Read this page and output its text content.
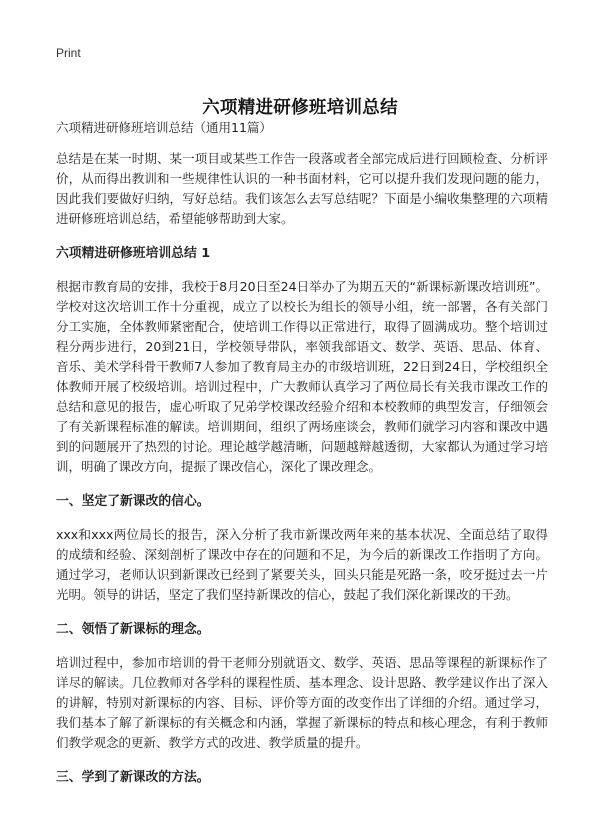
Print
六项精进研修班培训总结

六项精进研修班培训总结（通用11篇）

总结是在某一时期、某一项目或某些工作告一段落或者全部完成后进行回顾检查、分析评价，从而得出教训和一些规律性认识的一种书面材料，它可以提升我们发现问题的能力，因此我们要做好归纳，写好总结。我们该怎么去写总结呢？下面是小编收集整理的六项精进研修班培训总结，希望能够帮助到大家。

六项精进研修班培训总结 1

根据市教育局的安排，我校于8月20日至24日举办了为期五天的“新课标新课改培训班”。学校对这次培训工作十分重视，成立了以校长为组长的领导小组，统一部署，各有关部门分工实施，全体教师紧密配合，使培训工作得以正常进行，取得了圆满成功。整个培训过程分两步进行，20到21日，学校领导带队，率领我部语文、数学、英语、思品、体育、音乐、美术学科骨干教师7人参加了教育局主办的市级培训班，22日到24日，学校组织全体教师开展了校级培训。培训过程中，广大教师认真学习了两位局长有关我市课改工作的总结和意见的报告，虚心听取了兄弟学校课改经验介绍和本校教师的典型发言，仔细领会了有关新课程标准的解读。培训期间，组织了两场座谈会，教师们就学习内容和课改中遇到的问题展开了热烈的讨论。理论越学越清晰，问题越辩越透彻，大家都认为通过学习培训，明确了课改方向，提振了课改信心，深化了课改理念。

一、坚定了新课改的信心。

xxx和xxx两位局长的报告，深入分析了我市新课改两年来的基本状况、全面总结了取得的成绩和经验、深刻剖析了课改中存在的问题和不足，为今后的新课改工作指明了方向。通过学习，老师认识到新课改已经到了紧要关头，回头只能是死路一条，咬牙挺过去一片光明。领导的讲话，坚定了我们坚持新课改的信心，鼓起了我们深化新课改的干劲。

二、领悟了新课标的理念。

培训过程中，参加市培训的骨干老师分别就语文、数学、英语、思品等课程的新课标作了详尽的解读。几位教师对各学科的课程性质、基本理念、设计思路、教学建议作出了深入的讲解，特别对新课标的内容、目标、评价等方面的改变作出了详细的介绍。通过学习，我们基本了解了新课标的有关概念和内涵，掌握了新课标的特点和核心理念，有利于教师们教学观念的更新、教学方式的改进、教学质量的提升。

三、学到了新课改的方法。
